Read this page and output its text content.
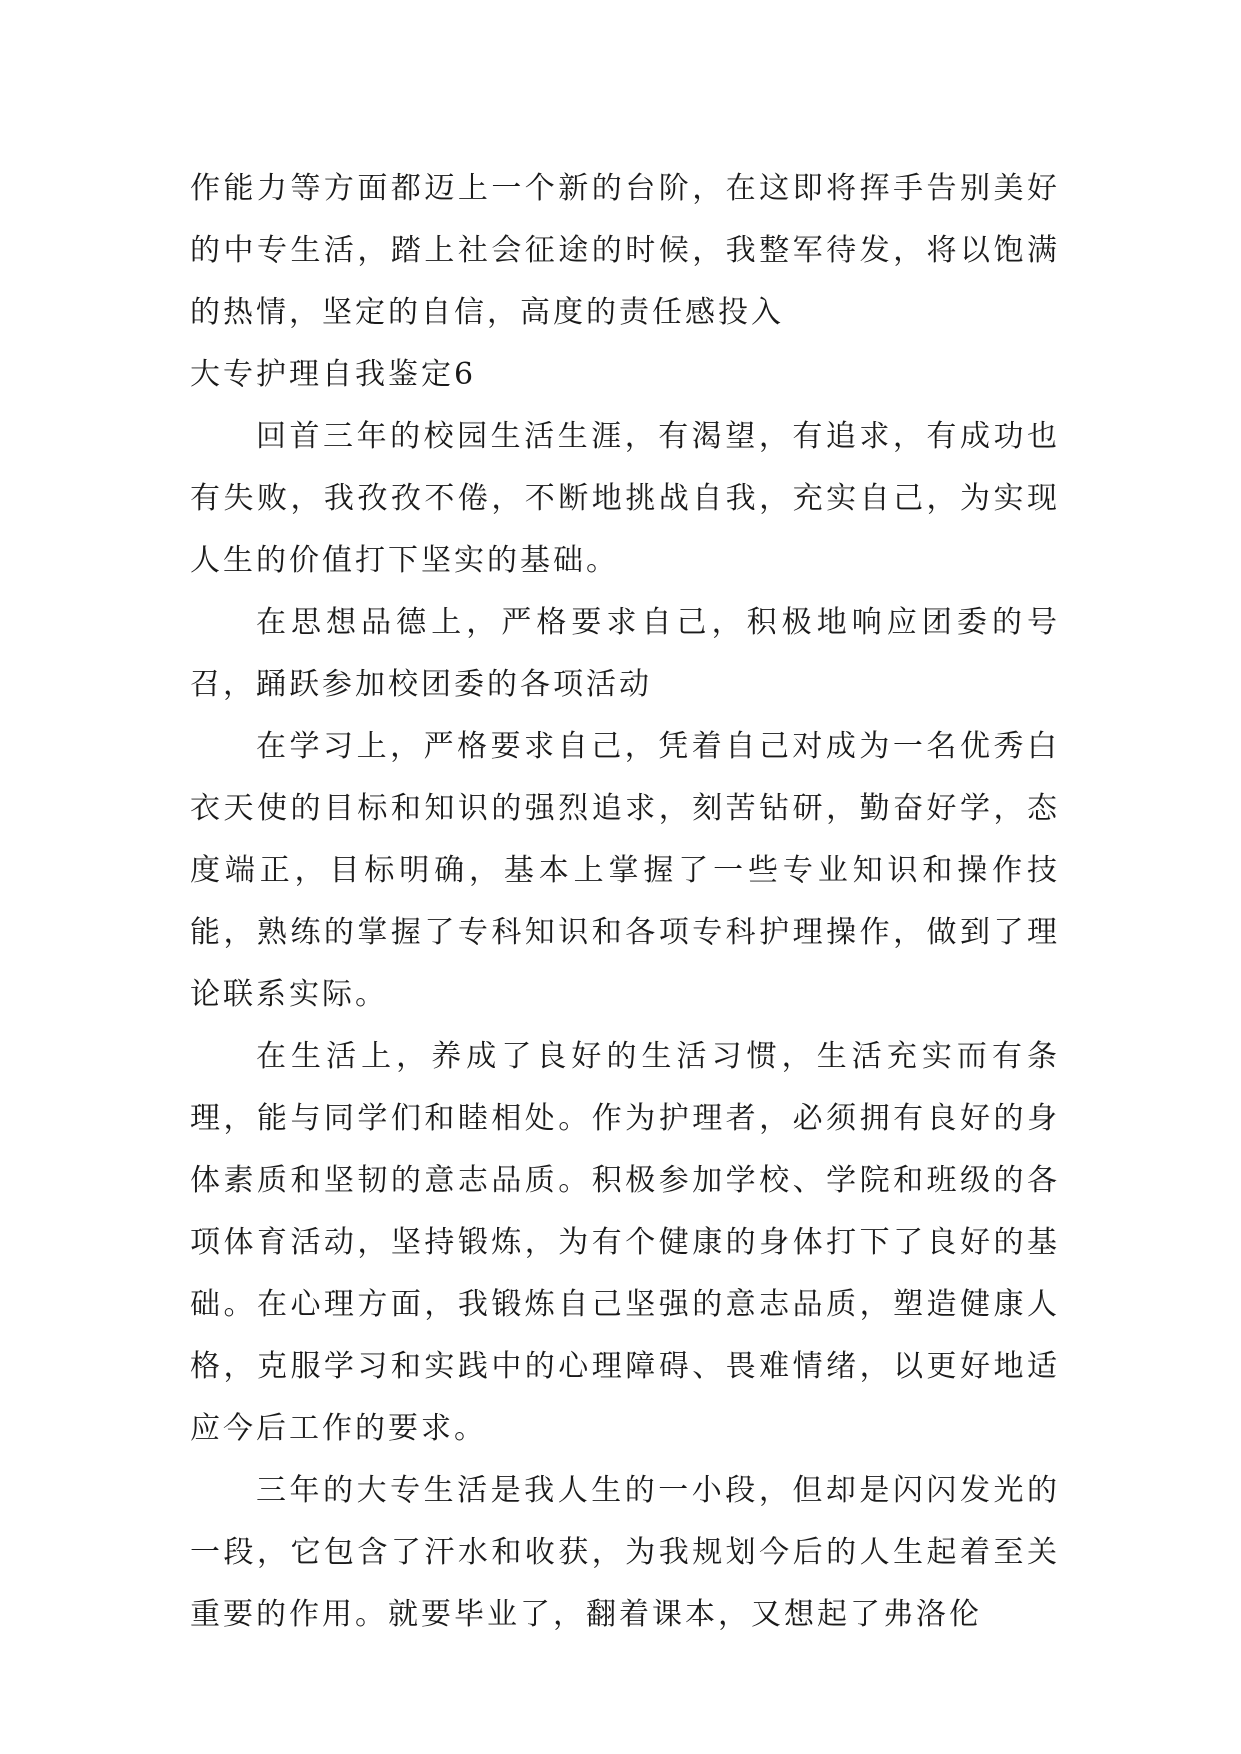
作能力等方面都迈上一个新的台阶，在这即将挥手告别美好的中专生活，踏上社会征途的时候，我整军待发，将以饱满的热情，坚定的自信，高度的责任感投入

大专护理自我鉴定6

回首三年的校园生活生涯，有渴望，有追求，有成功也有失败，我孜孜不倦，不断地挑战自我，充实自己，为实现人生的价值打下坚实的基础。

在思想品德上，严格要求自己，积极地响应团委的号召，踊跃参加校团委的各项活动

在学习上，严格要求自己，凭着自己对成为一名优秀白衣天使的目标和知识的强烈追求，刻苦钻研，勤奋好学，态度端正，目标明确，基本上掌握了一些专业知识和操作技能，熟练的掌握了专科知识和各项专科护理操作，做到了理论联系实际。

在生活上，养成了良好的生活习惯，生活充实而有条理，能与同学们和睦相处。作为护理者，必须拥有良好的身体素质和坚韧的意志品质。积极参加学校、学院和班级的各项体育活动，坚持锻炼，为有个健康的身体打下了良好的基础。在心理方面，我锻炼自己坚强的意志品质，塑造健康人格，克服学习和实践中的心理障碍、畏难情绪，以更好地适应今后工作的要求。

三年的大专生活是我人生的一小段，但却是闪闪发光的一段，它包含了汗水和收获，为我规划今后的人生起着至关重要的作用。就要毕业了，翻着课本，又想起了弗洛伦
